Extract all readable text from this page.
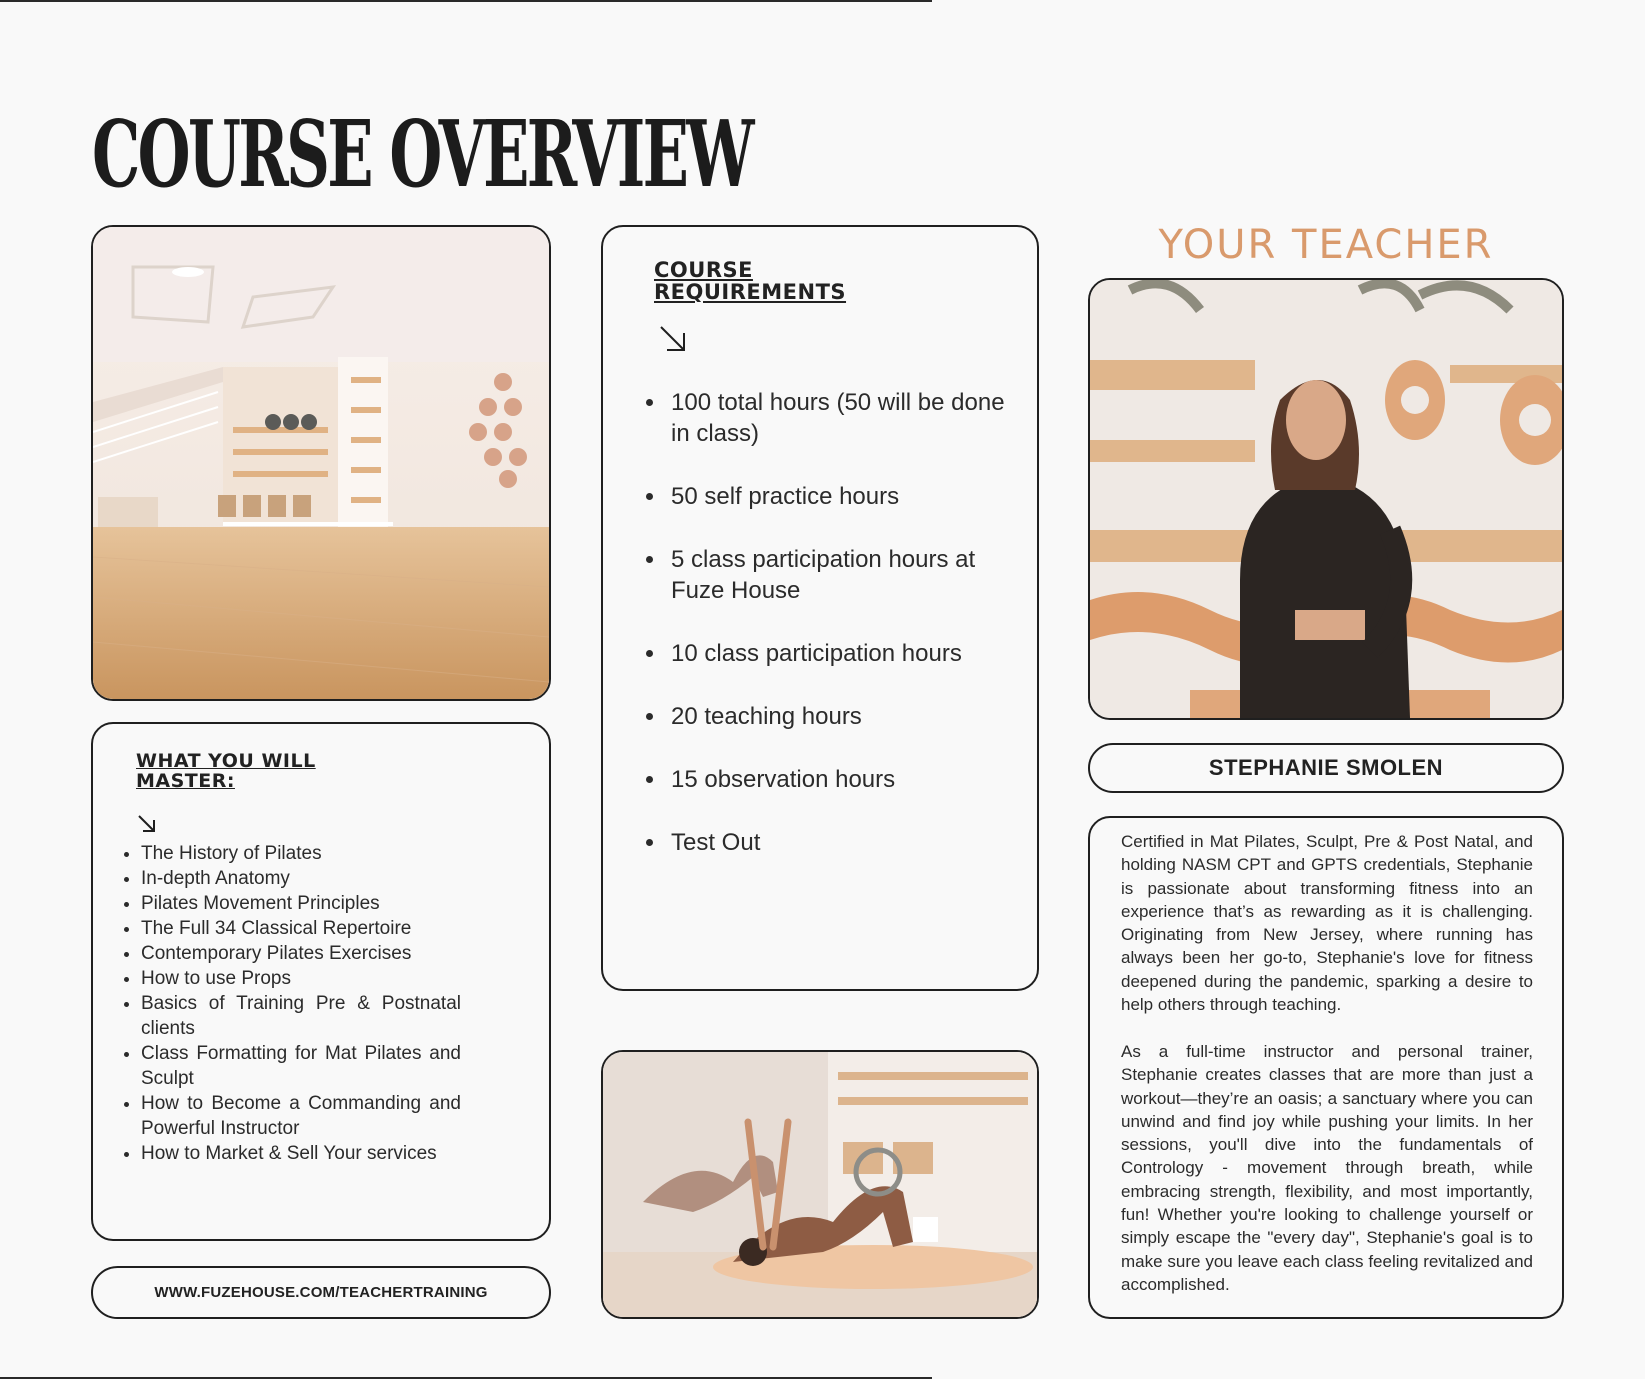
COURSE OVERVIEW
WHAT YOU WILL MASTER:
• The History of Pilates
• In-depth Anatomy
• Pilates Movement Principles
• The Full 34 Classical Repertoire
• Contemporary Pilates Exercises
• How to use Props
• Basics of Training Pre & Postnatal clients
• Class Formatting for Mat Pilates and Sculpt
• How to Become a Commanding and Powerful Instructor
• How to Market & Sell Your services
WWW.FUZEHOUSE.COM/TEACHERTRAINING
COURSE REQUIREMENTS
• 100 total hours (50 will be done in class)
• 50 self practice hours
• 5 class participation hours at Fuze House
• 10 class participation hours
• 20 teaching hours
• 15 observation hours
• Test Out
YOUR TEACHER
STEPHANIE SMOLEN

Certified in Mat Pilates, Sculpt, Pre & Post Natal, and holding NASM CPT and GPTS credentials, Stephanie is passionate about transforming fitness into an experience that’s as rewarding as it is challenging. Originating from New Jersey, where running has always been her go-to, Stephanie's love for fitness deepened during the pandemic, sparking a desire to help others through teaching.

As a full-time instructor and personal trainer, Stephanie creates classes that are more than just a workout—they’re an oasis; a sanctuary where you can unwind and find joy while pushing your limits. In her sessions, you'll dive into the fundamentals of Contrology - movement through breath, while embracing strength, flexibility, and most importantly, fun! Whether you're looking to challenge yourself or simply escape the "every day", Stephanie's goal is to make sure you leave each class feeling revitalized and accomplished.
